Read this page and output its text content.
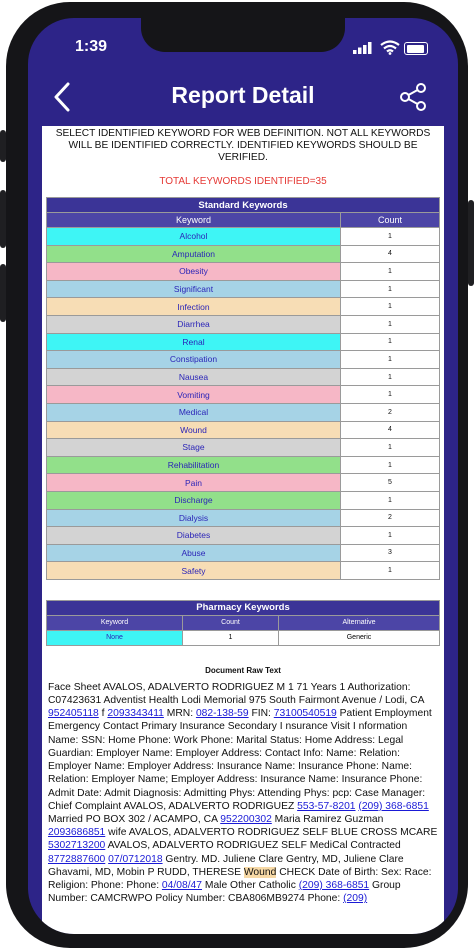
1:39
Report Detail
SELECT IDENTIFIED KEYWORD FOR WEB DEFINITION. NOT ALL KEYWORDS WILL BE IDENTIFIED CORRECTLY. IDENTIFIED KEYWORDS SHOULD BE VERIFIED.
TOTAL KEYWORDS IDENTIFIED=35
Standard Keywords	
Keyword	Count
Alcohol	1
Amputation	4
Obesity	1
Significant	1
Infection	1
Diarrhea	1
Renal	1
Constipation	1
Nausea	1
Vomiting	1
Medical	2
Wound	4
Stage	1
Rehabilitation	1
Pain	5
Discharge	1
Dialysis	2
Diabetes	1
Abuse	3
Safety	1
Pharmacy Keywords		
Keyword	Count	Alternative
None	1	Generic
Document Raw Text
Face Sheet AVALOS, ADALVERTO RODRIGUEZ M 1 71 Years 1 Authorization: C07423631 Adventist Health Lodi Memorial 975 South Fairmont Avenue / Lodi, CA 952405118 f 2093343411 MRN: 082-138-59 FIN: 73100540519 Patient Employment Emergency Contact Primary Insurance Secondary I nsurance Visit I nformation Name: SSN: Home Phone: Work Phone: Marital Status: Home Address: Legal Guardian: Employer Name: Employer Address: Contact Info: Name: Relation: Employer Name: Employer Address: Insurance Name: Insurance Phone: Name: Relation: Employer Name; Employer Address: Insurance Name: Insurance Phone: Admit Date: Admit Diagnosis: Admitting Phys: Attending Phys: pcp: Case Manager: Chief Complaint AVALOS, ADALVERTO RODRIGUEZ 553-57-8201 (209) 368-6851 Married PO BOX 302 / ACAMPO, CA 952200302 Maria Ramirez Guzman 2093686851 wife AVALOS, ADALVERTO RODRIGUEZ SELF BLUE CROSS MCARE 5302713200 AVALOS, ADALVERTO RODRIGUEZ SELF MediCal Contracted 8772887600 07/0712018 Gentry. MD. Juliene Clare Gentry, MD, Juliene Clare Ghavami, MD, Mobin P RUDD, THERESE Wound CHECK Date of Birth: Sex: Race: Religion: Phone: Phone: 04/08/47 Male Other Catholic (209) 368-6851 Group Number: CAMCRWPO Policy Number: CBA806MB9274 Phone: (209)
